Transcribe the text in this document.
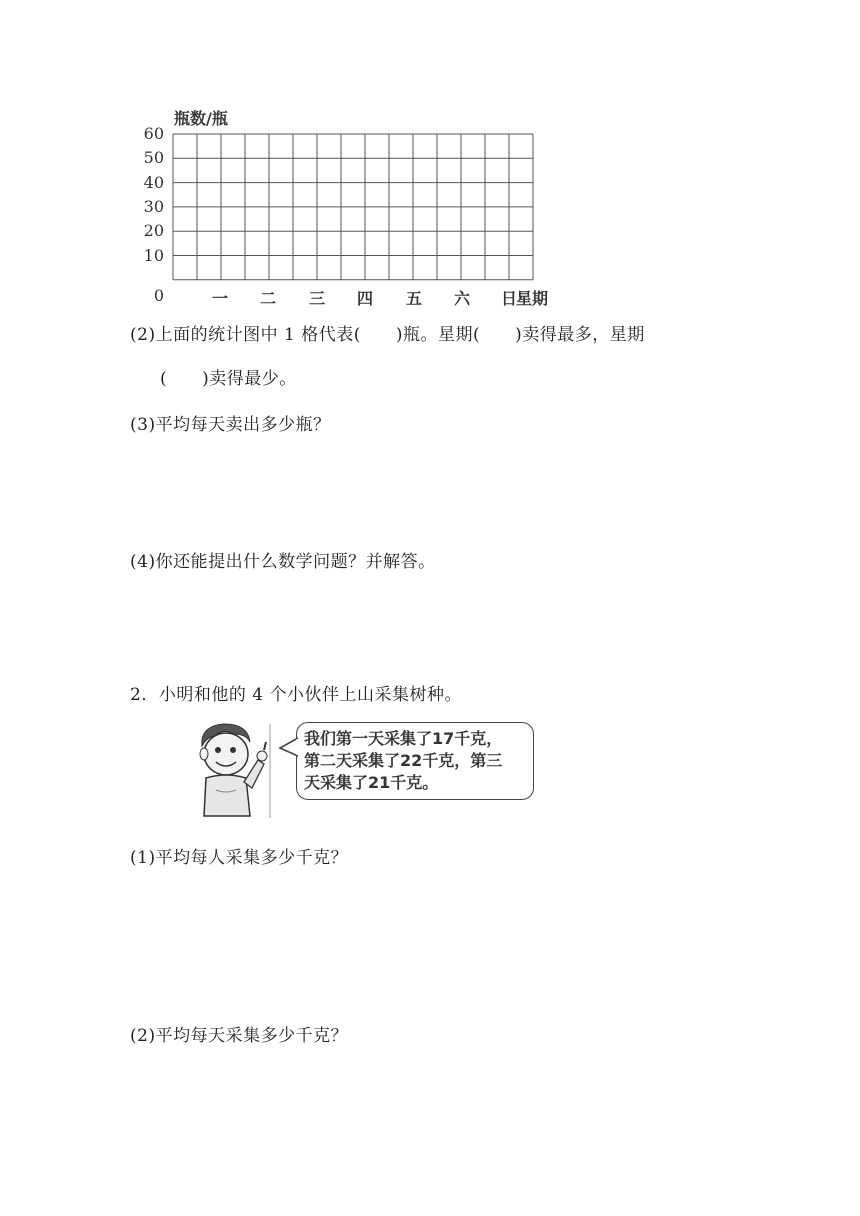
瓶数/瓶
0
10
20
30
40
50
60
一 二 三 四 五 六 日 星期
(2)上面的统计图中 1 格代表(　　)瓶。星期(　　)卖得最多，星期
(　　)卖得最少。
(3)平均每天卖出多少瓶？
(4)你还能提出什么数学问题？并解答。
2．小明和他的 4 个小伙伴上山采集树种。
我们第一天采集了17千克，
第二天采集了22千克，第三
天采集了21千克。
(1)平均每人采集多少千克？
(2)平均每天采集多少千克？
